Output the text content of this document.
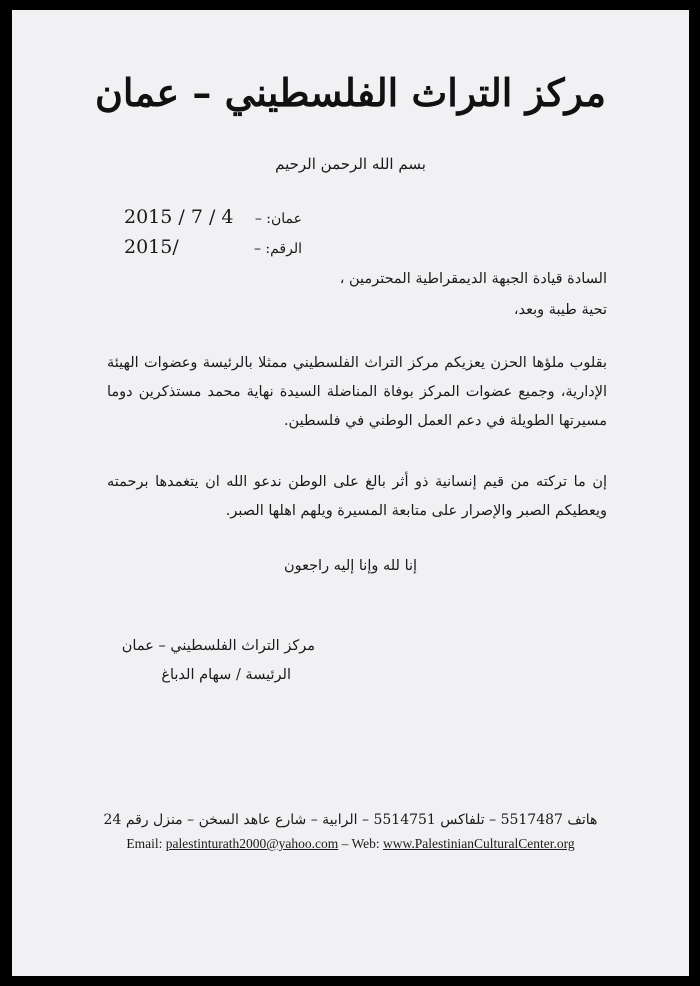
مركز التراث الفلسطيني – عمان
بسم الله الرحمن الرحيم
عمان: –
2015 / 7 / 4
الرقم: –
2015/
السادة قيادة الجبهة الديمقراطية المحترمين ،
تحية طيبة وبعد،
بقلوب ملؤها الحزن يعزيكم مركز التراث الفلسطيني ممثلا بالرئيسة وعضوات الهيئة الإدارية، وجميع عضوات المركز بوفاة المناضلة السيدة نهاية محمد مستذكرين دوما مسيرتها الطويلة في دعم العمل الوطني في فلسطين.
إن ما تركته من قيم إنسانية ذو أثر بالغ على الوطن ندعو الله ان يتغمدها برحمته ويعطيكم الصبر والإصرار على متابعة المسيرة ويلهم اهلها الصبر.
إنا لله وإنا إليه راجعون
مركز التراث الفلسطيني – عمان
الرئيسة / سهام الدباغ
هاتف 5517487 – تلفاكس 5514751 – الرابية – شارع عاهد السخن – منزل رقم 24
Email: palestinturath2000@yahoo.com – Web: www.PalestinianCulturalCenter.org
